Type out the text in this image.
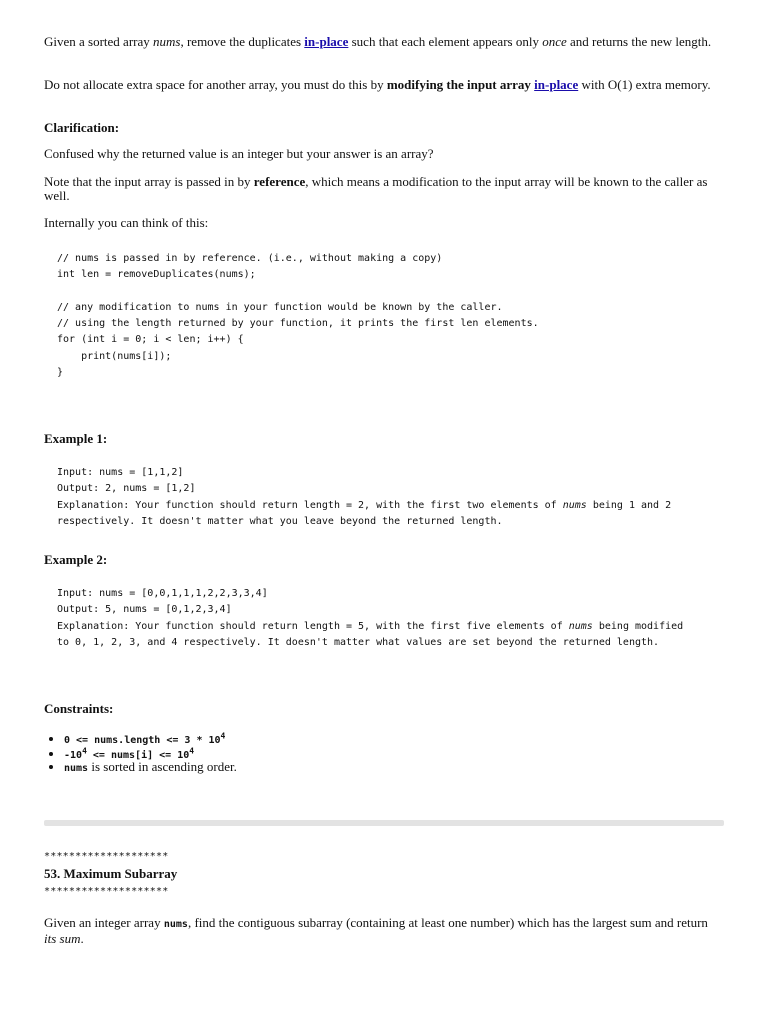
Given a sorted array nums, remove the duplicates in-place such that each element appears only once and returns the new length.
Do not allocate extra space for another array, you must do this by modifying the input array in-place with O(1) extra memory.
Clarification:
Confused why the returned value is an integer but your answer is an array?
Note that the input array is passed in by reference, which means a modification to the input array will be known to the caller as well.
Internally you can think of this:
// nums is passed in by reference. (i.e., without making a copy)
int len = removeDuplicates(nums);

// any modification to nums in your function would be known by the caller.
// using the length returned by your function, it prints the first len elements.
for (int i = 0; i < len; i++) {
print(nums[i]);
}
Example 1:
Input: nums = [1,1,2]
Output: 2, nums = [1,2]
Explanation: Your function should return length = 2, with the first two elements of nums being 1 and 2
respectively. It doesn't matter what you leave beyond the returned length.
Example 2:
Input: nums = [0,0,1,1,1,2,2,3,3,4]
Output: 5, nums = [0,1,2,3,4]
Explanation: Your function should return length = 5, with the first five elements of nums being modified
to 0, 1, 2, 3, and 4 respectively. It doesn't matter what values are set beyond the returned length.
Constraints:
• 0 <= nums.length <= $3 * 10^4$
• $-10^4$ <= nums[i] <= $10^4$
• nums is sorted in ascending order.
********************
53. Maximum Subarray
********************
Given an integer array nums, find the contiguous subarray (containing at least one number) which has the largest sum and return its sum.
